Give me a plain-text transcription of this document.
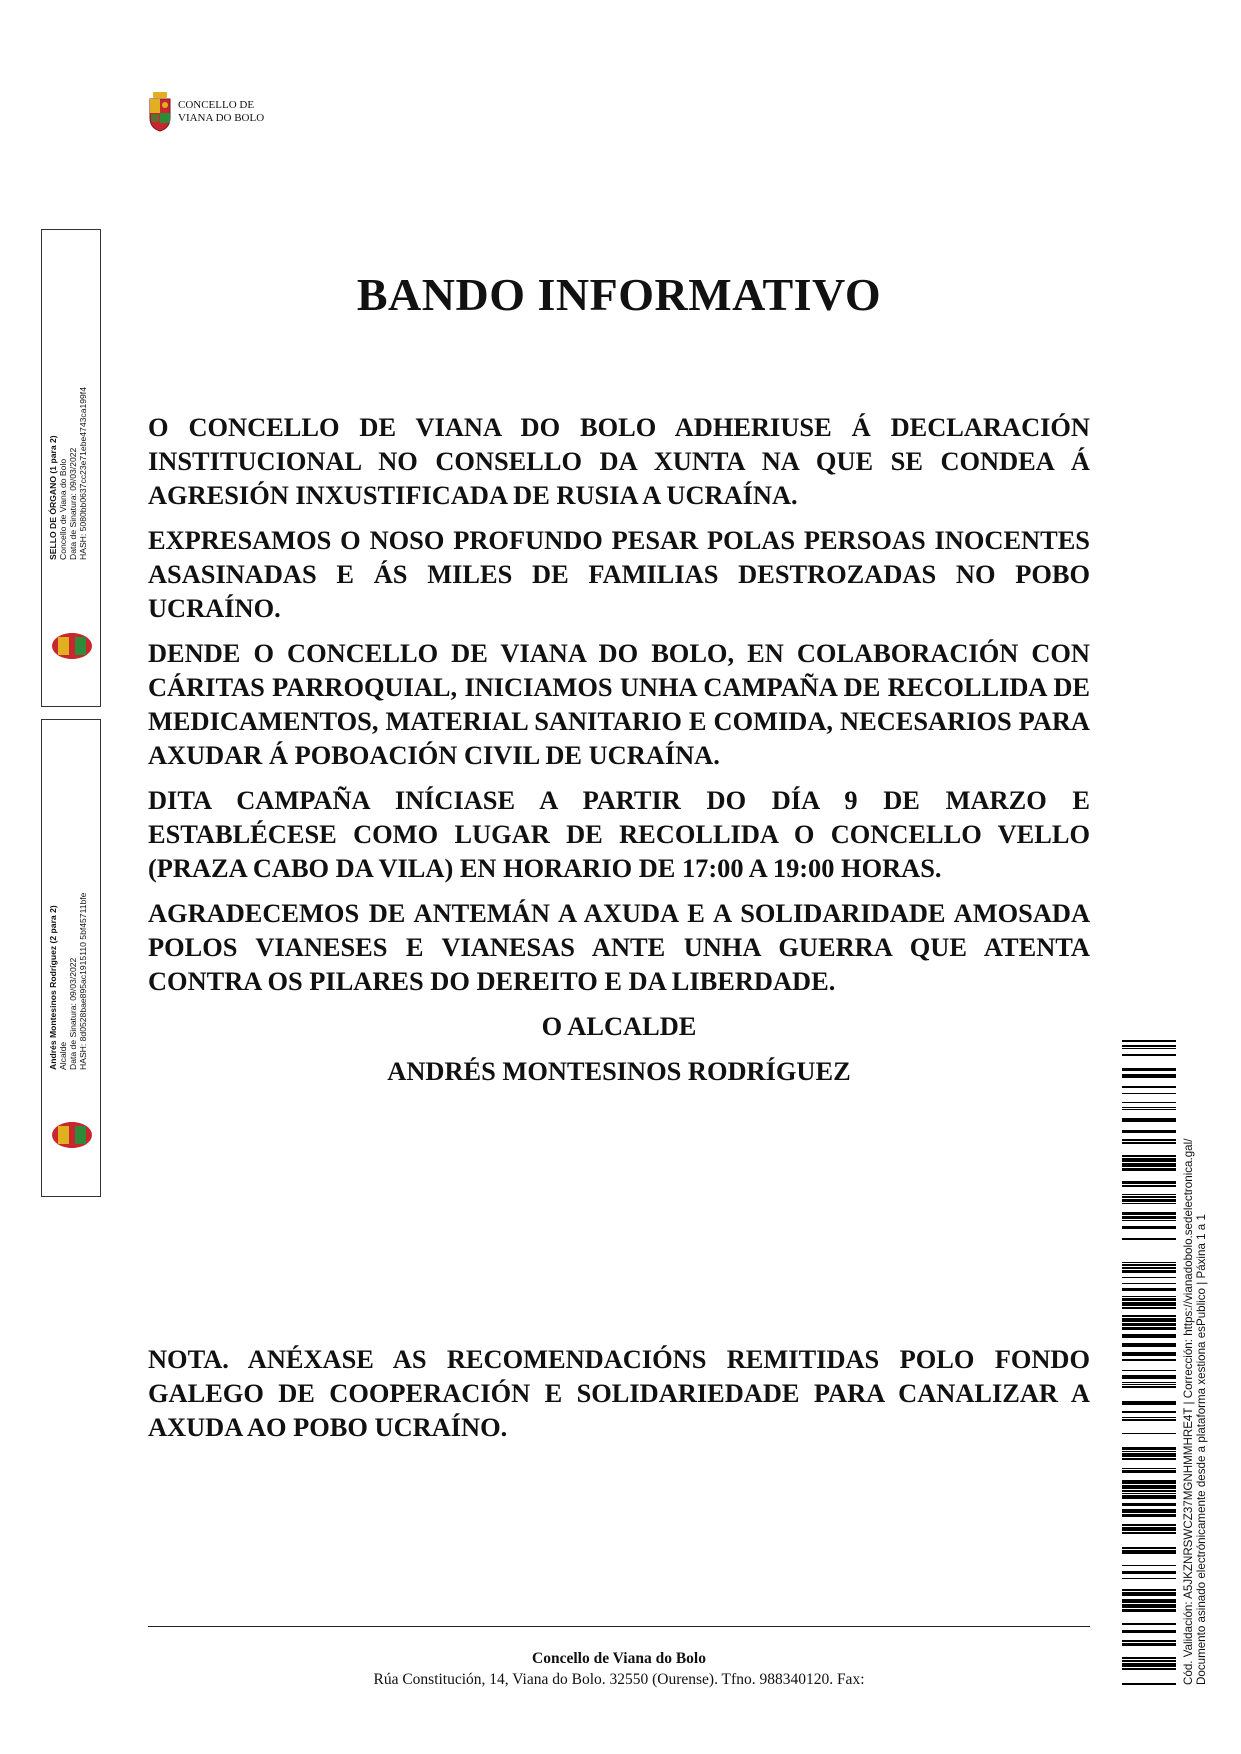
CONCELLO DE
VIANA DO BOLO
SELLO DE ÓRGANO (1 para 2) Concello de Viana do Bolo Data de Sinatura: 09/03/2022 HASH: 5080bb0637cc23e71ebe4743ca199f4
Andrés Montesinos Rodríguez (2 para 2) Alcalde Data de Sinatura: 09/03/2022 HASH: 8d0528bae895ac1915110 5bf45711bfe
BANDO INFORMATIVO

O CONCELLO DE VIANA DO BOLO ADHERIUSE Á DECLARACIÓN INSTITUCIONAL NO CONSELLO DA XUNTA NA QUE SE CONDEA Á AGRESIÓN INXUSTIFICADA DE RUSIA A UCRAÍNA.

EXPRESAMOS O NOSO PROFUNDO PESAR POLAS PERSOAS INOCENTES ASASINADAS E ÁS MILES DE FAMILIAS DESTROZADAS NO POBO UCRAÍNO.

DENDE O CONCELLO DE VIANA DO BOLO, EN COLABORACIÓN CON CÁRITAS PARROQUIAL, INICIAMOS UNHA CAMPAÑA DE RECOLLIDA DE MEDICAMENTOS, MATERIAL SANITARIO E COMIDA, NECESARIOS PARA AXUDAR Á POBOACIÓN CIVIL DE UCRAÍNA.

DITA CAMPAÑA INÍCIASE A PARTIR DO DÍA 9 DE MARZO E ESTABLÉCESE COMO LUGAR DE RECOLLIDA O CONCELLO VELLO (PRAZA CABO DA VILA) EN HORARIO DE 17:00 A 19:00 HORAS.

AGRADECEMOS DE ANTEMÁN A AXUDA E A SOLIDARIDADE AMOSADA POLOS VIANESES E VIANESAS ANTE UNHA GUERRA QUE ATENTA CONTRA OS PILARES DO DEREITO E DA LIBERDADE.

O ALCALDE

ANDRÉS MONTESINOS RODRÍGUEZ

NOTA. ANÉXASE AS RECOMENDACIÓNS REMITIDAS POLO FONDO GALEGO DE COOPERACIÓN E SOLIDARIEDADE PARA CANALIZAR A AXUDA AO POBO UCRAÍNO.

Concello de Viana do Bolo
Rúa Constitución, 14, Viana do Bolo. 32550 (Ourense). Tfno. 988340120. Fax:	Cód. Validación: A5JKZNRSWCZ37MGNHMMHRE4T | Corrección: https://vianadobolo.sedelectronica.gal/ Documento asinado electrónicamente desde a plataforma xestiona esPublico | Páxina 1 a 1
